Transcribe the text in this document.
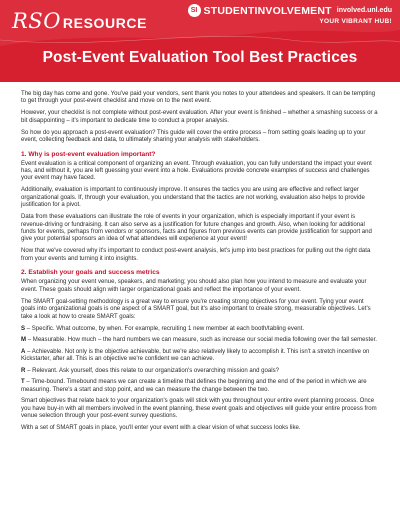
RSO RESOURCE
SI STUDENTINVOLVEMENT involved.unl.edu
YOUR VIBRANT HUB!
Post-Event Evaluation Tool Best Practices

The big day has come and gone. You've paid your vendors, sent thank you notes to your attendees and speakers. It can be tempting to get through your post-event checklist and move on to the next event.

However, your checklist is not complete without post-event evaluation. After your event is finished – whether a smashing success or a bit disappointing – it's important to dedicate time to conduct a proper analysis.

So how do you approach a post-event evaluation? This guide will cover the entire process – from setting goals leading up to your event, collecting feedback and data, to ultimately sharing your analysis with stakeholders.

1. Why is post-event evaluation important?

Event evaluation is a critical component of organizing an event. Through evaluation, you can fully understand the impact your event has, and without it, you are left guessing your event into a hole. Evaluations provide concrete examples of success and challenges your event may have faced.

Additionally, evaluation is important to continuously improve. It ensures the tactics you are using are effective and reflect larger organizational goals. If, through your evaluation, you understand that the tactics are not working, evaluation also helps to provide justification for a pivot.

Data from these evaluations can illustrate the role of events in your organization, which is especially important if your event is revenue-driving or fundraising. It can also serve as a justification for future changes and growth. Also, when looking for additional funds for events, perhaps from vendors or sponsors, facts and figures from previous events can provide justification for support and give your potential sponsors an idea of what attendees will experience at your event!

Now that we've covered why it's important to conduct post-event analysis, let's jump into best practices for pulling out the right data from your events and turning it into insights.

2. Establish your goals and success metrics

When organizing your event venue, speakers, and marketing; you should also plan how you intend to measure and evaluate your event. These goals should align with larger organizational goals and reflect the importance of your event.

The SMART goal-setting methodology is a great way to ensure you're creating strong objectives for your event. Tying your event goals into organizational goals is one aspect of a SMART goal, but it's also important to create strong, measurable objectives. Let's take a look at how to create SMART goals:

S – Specific. What outcome, by when. For example, recruiting 1 new member at each booth/tabling event.

M – Measurable. How much – the hard numbers we can measure, such as increase our social media following over the fall semester.

A – Achievable. Not only is the objective achievable, but we're also relatively likely to accomplish it. This isn't a stretch incentive on Kickstarter, after all. This is an objective we're confident we can achieve.

R – Relevant. Ask yourself, does this relate to our organization's overarching mission and goals?

T – Time-bound. Timebound means we can create a timeline that defines the beginning and the end of the period in which we are measuring. There's a start and stop point, and we can measure the change between the two.

Smart objectives that relate back to your organization's goals will stick with you throughout your entire event planning process. Once you have buy-in with all members involved in the event planning, these event goals and objectives will guide your entire process from venue selection through your post-event survey questions.

With a set of SMART goals in place, you'll enter your event with a clear vision of what success looks like.
